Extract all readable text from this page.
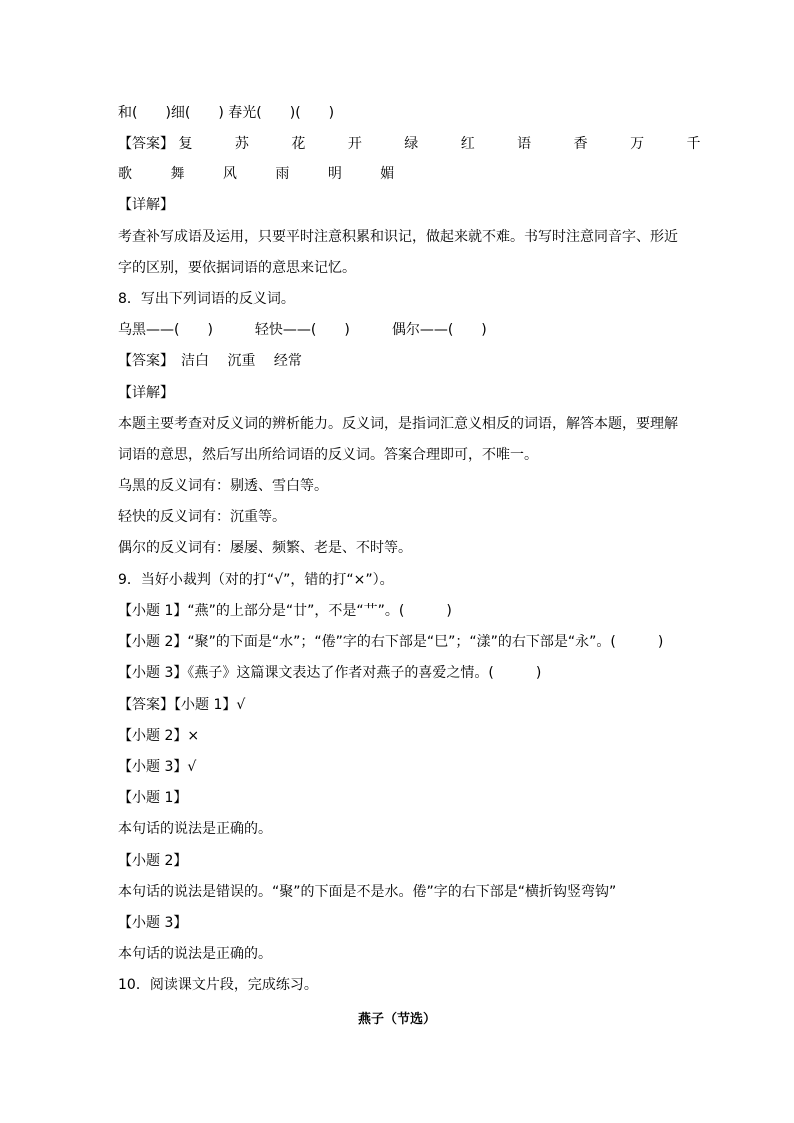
和(　　)细(　　) 春光(　　)(　　)
【答案】 复	苏	花	开	绿	红	语	香	万	千
歌	舞	风	雨	明	媚
【详解】
考查补写成语及运用，只要平时注意积累和识记，做起来就不难。书写时注意同音字、形近
字的区别，要依据词语的意思来记忆。
8．写出下列词语的反义词。
乌黑——(　　)　　　轻快——(　　)　　　偶尔——(　　)
【答案】　洁白　 沉重　 经常
【详解】
本题主要考查对反义词的辨析能力。反义词，是指词汇意义相反的词语，解答本题，要理解
词语的意思，然后写出所给词语的反义词。答案合理即可，不唯一。
乌黑的反义词有：剔透、雪白等。
轻快的反义词有：沉重等。
偶尔的反义词有：屡屡、频繁、老是、不时等。
9．当好小裁判（对的打“√”，错的打“×”）。
【小题 1】“燕”的上部分是“廿”，不是“艹”。(　　　)
【小题 2】“聚”的下面是“水”；“倦”字的右下部是“巳”；“漾”的右下部是“永”。(　　　)
【小题 3】《燕子》这篇课文表达了作者对燕子的喜爱之情。(　　　)
【答案】【小题 1】√
【小题 2】×
【小题 3】√
【小题 1】
本句话的说法是正确的。
【小题 2】
本句话的说法是错误的。“聚”的下面是不是水。倦”字的右下部是“横折钩竖弯钩”
【小题 3】
本句话的说法是正确的。
10．阅读课文片段，完成练习。
燕子（节选）
